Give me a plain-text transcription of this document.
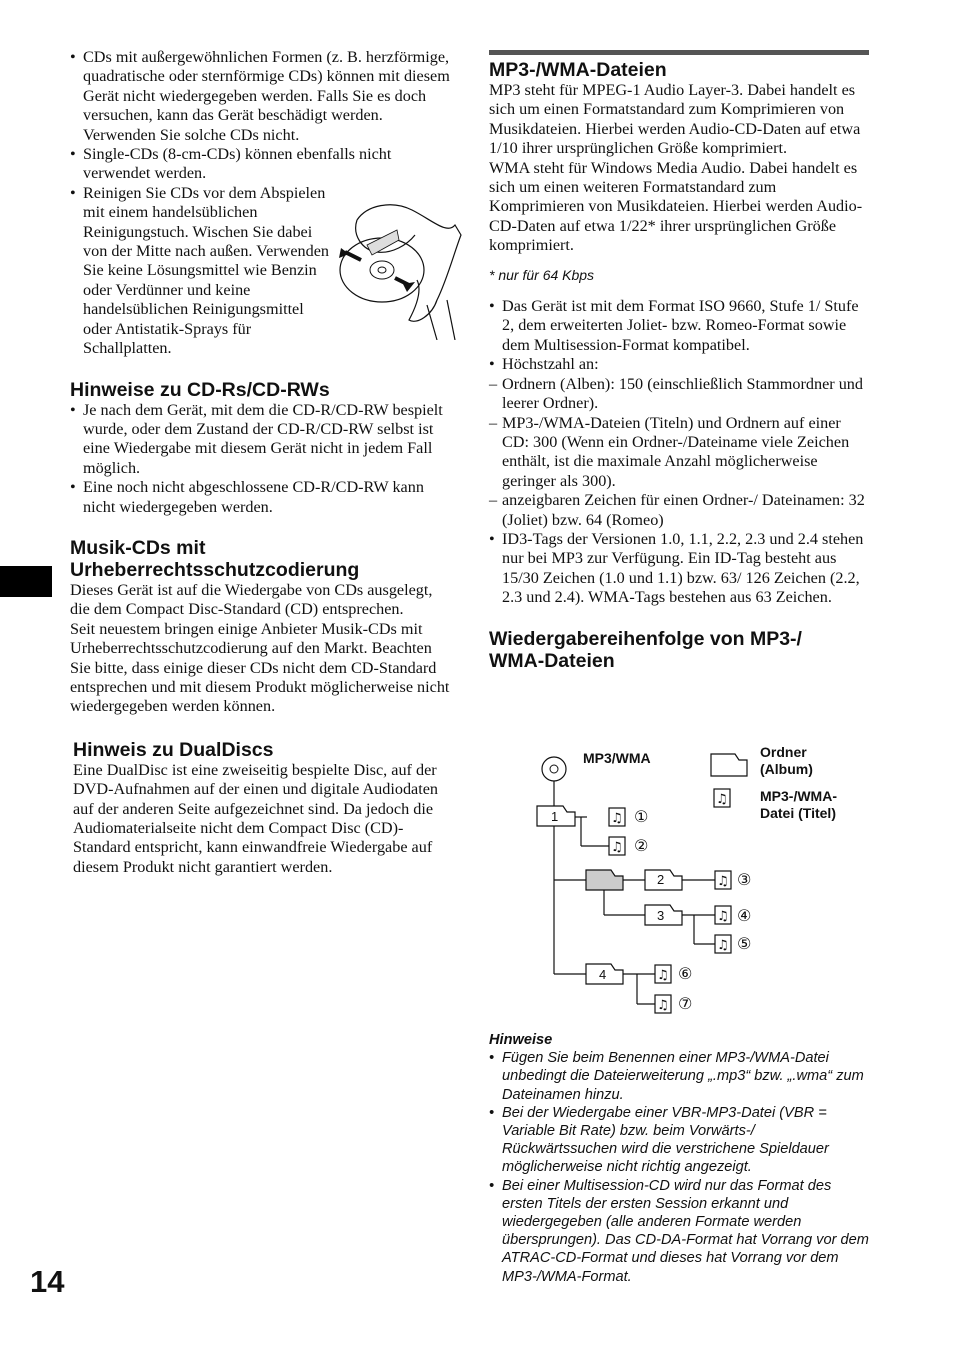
• CDs mit außergewöhnlichen Formen (z. B. herzförmige, quadratische oder sternförmige CDs) können mit diesem Gerät nicht wiedergegeben werden. Falls Sie es doch versuchen, kann das Gerät beschädigt werden. Verwenden Sie solche CDs nicht.
• Single-CDs (8-cm-CDs) können ebenfalls nicht verwendet werden.
• Reinigen Sie CDs vor dem Abspielen mit einem handelsüblichen Reinigungstuch. Wischen Sie dabei von der Mitte nach außen. Verwenden Sie keine Lösungsmittel wie Benzin oder Verdünner und keine handelsüblichen Reinigungsmittel oder Antistatik-Sprays für Schallplatten.
Hinweise zu CD-Rs/CD-RWs
• Je nach dem Gerät, mit dem die CD-R/CD-RW bespielt wurde, oder dem Zustand der CD-R/CD-RW selbst ist eine Wiedergabe mit diesem Gerät nicht in jedem Fall möglich.
• Eine noch nicht abgeschlossene CD-R/CD-RW kann nicht wiedergegeben werden.
Musik-CDs mit Urheberrechtsschutzcodierung

Dieses Gerät ist auf die Wiedergabe von CDs ausgelegt, die dem Compact Disc-Standard (CD) entsprechen.

Seit neuestem bringen einige Anbieter Musik-CDs mit Urheberrechtsschutzcodierung auf den Markt. Beachten Sie bitte, dass einige dieser CDs nicht dem CD-Standard entsprechen und mit diesem Produkt möglicherweise nicht wiedergegeben werden können.

Hinweis zu DualDiscs

Eine DualDisc ist eine zweiseitig bespielte Disc, auf der DVD-Aufnahmen auf der einen und digitale Audiodaten auf der anderen Seite aufgezeichnet sind. Da jedoch die Audiomaterialseite nicht dem Compact Disc (CD)-Standard entspricht, kann einwandfreie Wiedergabe auf diesem Produkt nicht garantiert werden.

14
MP3-/WMA-Dateien

MP3 steht für MPEG-1 Audio Layer-3. Dabei handelt es sich um einen Formatstandard zum Komprimieren von Musikdateien. Hierbei werden Audio-CD-Daten auf etwa 1/10 ihrer ursprünglichen Größe komprimiert.

WMA steht für Windows Media Audio. Dabei handelt es sich um einen weiteren Formatstandard zum Komprimieren von Musikdateien. Hierbei werden Audio-CD-Daten auf etwa 1/22* ihrer ursprünglichen Größe komprimiert.

* nur für 64 Kbps

• Das Gerät ist mit dem Format ISO 9660, Stufe 1/ Stufe 2, dem erweiterten Joliet- bzw. Romeo-Format sowie dem Multisession-Format kompatibel.
• Höchstzahl an:
– Ordnern (Alben): 150 (einschließlich Stammordner und leerer Ordner).
– MP3-/WMA-Dateien (Titeln) und Ordnern auf einer CD: 300 (Wenn ein Ordner-/Dateiname viele Zeichen enthält, ist die maximale Anzahl möglicherweise geringer als 300).
– anzeigbaren Zeichen für einen Ordner-/ Dateinamen: 32 (Joliet) bzw. 64 (Romeo)
• ID3-Tags der Versionen 1.0, 1.1, 2.2, 2.3 und 2.4 stehen nur bei MP3 zur Verfügung. Ein ID-Tag besteht aus 15/30 Zeichen (1.0 und 1.1) bzw. 63/ 126 Zeichen (2.2, 2.3 und 2.4). WMA-Tags bestehen aus 63 Zeichen.
Wiedergabereihenfolge von MP3-/ WMA-Dateien
♫
♫
♫
♫
♫
♫
♫
♫
MP3/WMA	Ordner (Album)
MP3-/WMA- Datei (Titel)
1
2
3
4
①
②
③
④
⑤
⑥
⑦
Hinweise
• Fügen Sie beim Benennen einer MP3-/WMA-Datei unbedingt die Dateierweiterung „.mp3“ bzw. „.wma“ zum Dateinamen hinzu.
• Bei der Wiedergabe einer VBR-MP3-Datei (VBR = Variable Bit Rate) bzw. beim Vorwärts-/ Rückwärtssuchen wird die verstrichene Spieldauer möglicherweise nicht richtig angezeigt.
• Bei einer Multisession-CD wird nur das Format des ersten Titels der ersten Session erkannt und wiedergegeben (alle anderen Formate werden übersprungen). Das CD-DA-Format hat Vorrang vor dem ATRAC-CD-Format und dieses hat Vorrang vor dem MP3-/WMA-Format.
